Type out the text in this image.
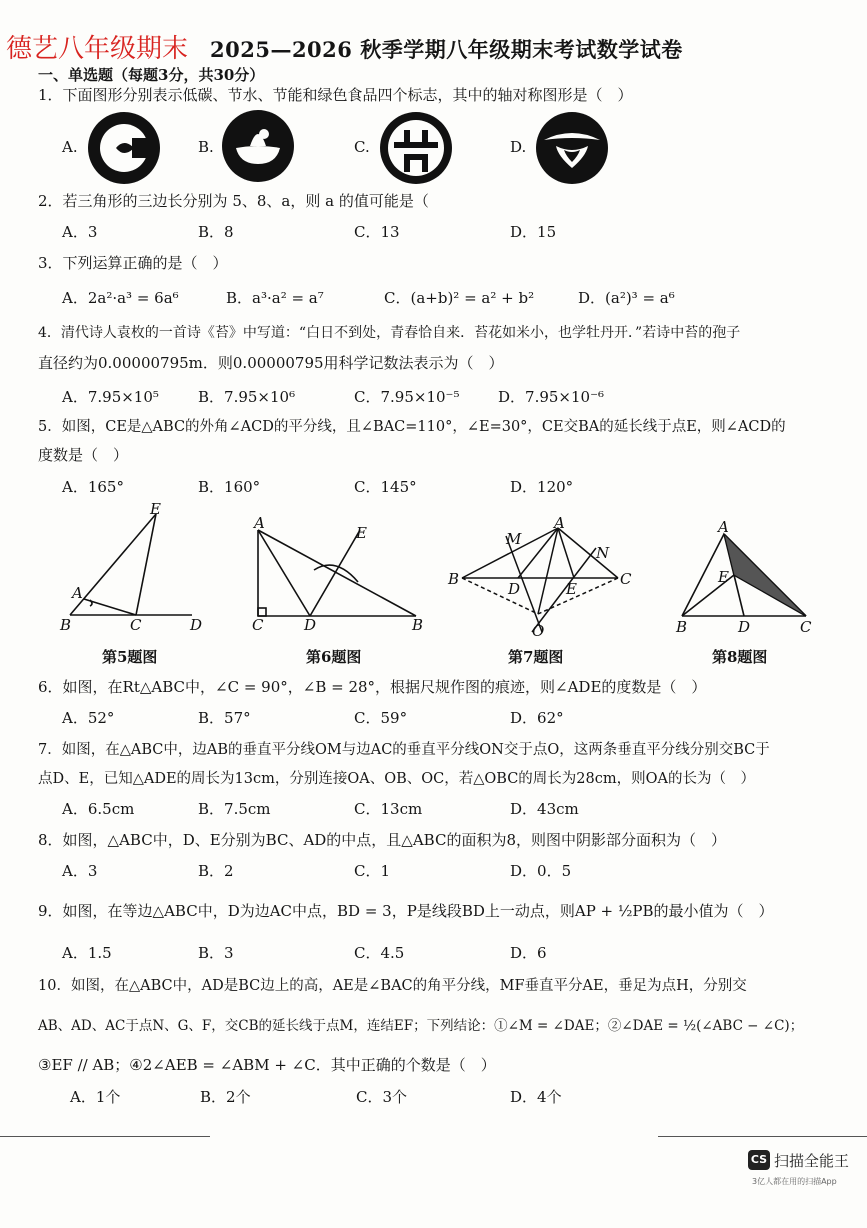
德艺八年级期末 2025—2026 秋季学期八年级期末考试数学试卷
一、单选题（每题3分，共30分）
1．下面图形分别表示低碳、节水、节能和绿色食品四个标志，其中的轴对称图形是（　）
A.	B.	C.	D.
2．若三角形的三边长分别为 5、8、a，则 a 的值可能是（
A．3	B．8	C．13	D．15
3．下列运算正确的是（　）
A．2a²·a³ = 6a⁶	B．a³·a² = a⁷	C．(a+b)² = a² + b²	D．(a²)³ = a⁶
4．清代诗人袁枚的一首诗《苔》中写道：“白日不到处，青春恰自来．苔花如米小，也学牡丹开．”若诗中苔的孢子
直径约为0.00000795m．则0.00000795用科学记数法表示为（　）
A．7.95×10⁵	B．7.95×10⁶	C．7.95×10⁻⁵	D．7.95×10⁻⁶
5．如图，CE是△ABC的外角∠ACD的平分线，且∠BAC=110°，∠E=30°，CE交BA的延长线于点E，则∠ACD的
度数是（　）
A．165°	B．160°	C．145°	D．120°
E
A
B	C	D
A
E
C	D	B
M
A
N
B
D	E
C
O
A
E
B	D	C
第5题图	第6题图	第7题图	第8题图
6．如图，在Rt△ABC中，∠C = 90°，∠B = 28°，根据尺规作图的痕迹，则∠ADE的度数是（　）
A．52°	B．57°	C．59°	D．62°
7．如图，在△ABC中，边AB的垂直平分线OM与边AC的垂直平分线ON交于点O，这两条垂直平分线分别交BC于
点D、E，已知△ADE的周长为13cm，分别连接OA、OB、OC，若△OBC的周长为28cm，则OA的长为（　）
A．6.5cm	B．7.5cm	C．13cm	D．43cm
8．如图，△ABC中，D、E分别为BC、AD的中点，且△ABC的面积为8，则图中阴影部分面积为（　）
A．3	B．2	C．1	D．0．5
9．如图，在等边△ABC中，D为边AC中点，BD = 3，P是线段BD上一动点，则AP + ½PB的最小值为（　）
A．1.5	B．3	C．4.5	D．6
10．如图，在△ABC中，AD是BC边上的高，AE是∠BAC的角平分线，MF垂直平分AE，垂足为点H，分别交
AB、AD、AC于点N、G、F，交CB的延长线于点M，连结EF；下列结论：①∠M = ∠DAE；②∠DAE = ½(∠ABC − ∠C)；
③EF // AB；④2∠AEB = ∠ABM + ∠C．其中正确的个数是（　）
A．1个	B．2个	C．3个	D．4个
CS 扫描全能王
3亿人都在用的扫描App
